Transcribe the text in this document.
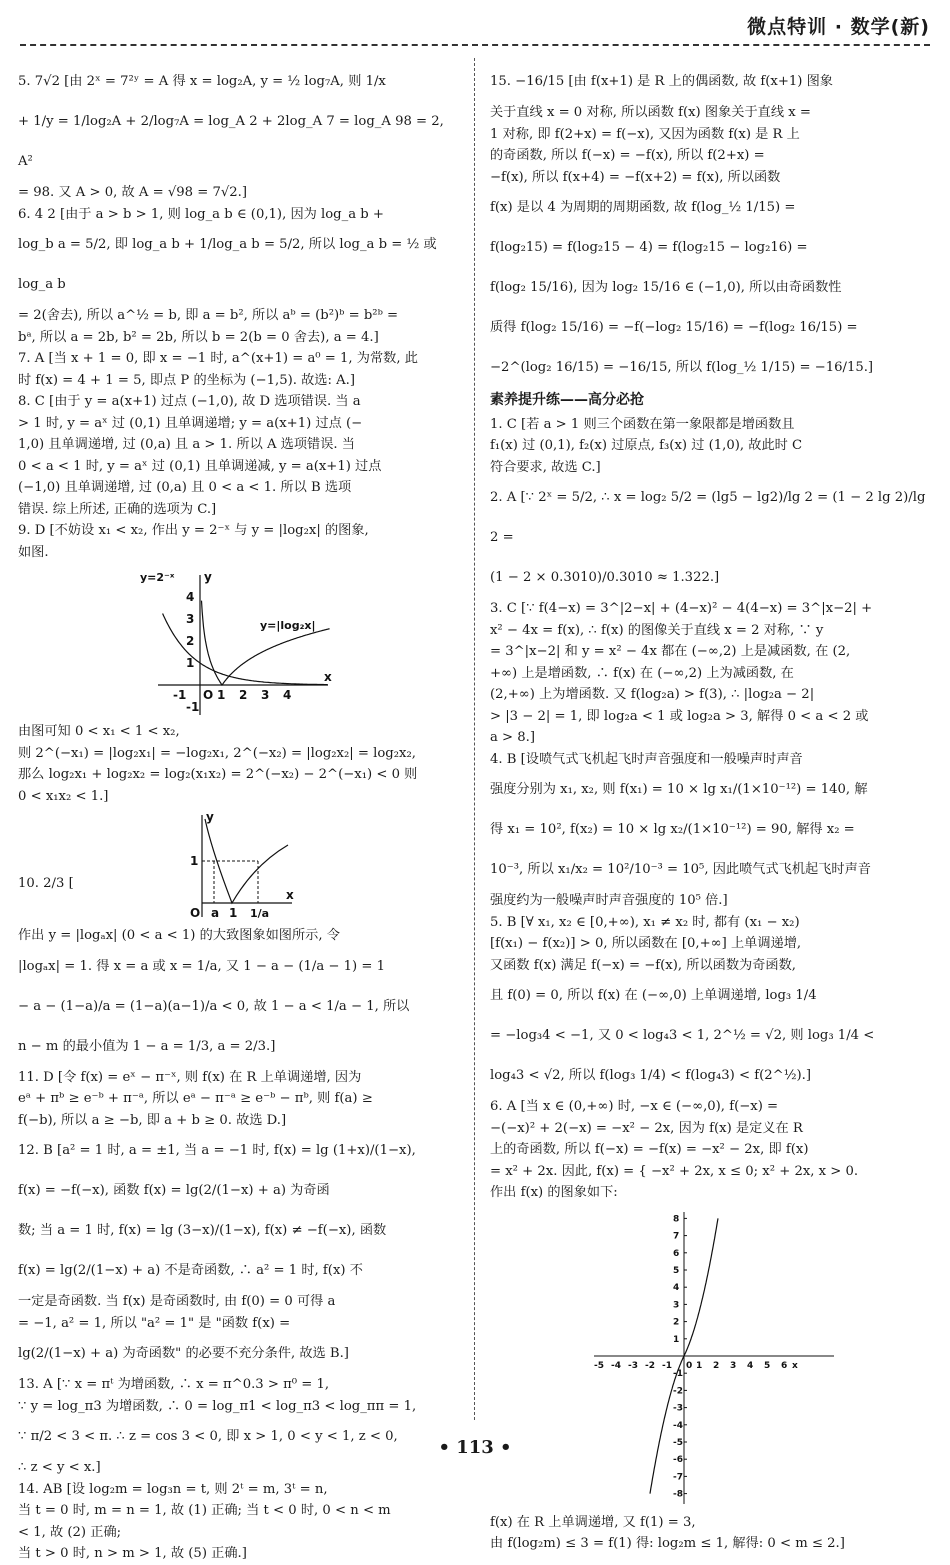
微点特训 · 数学(新)
5. 7√2 [由 2ˣ = 7²ʸ = A 得 x = log₂A, y = ½ log₇A, 则 1/x
+ 1/y = 1/log₂A + 2/log₇A = log_A 2 + 2log_A 7 = log_A 98 = 2, A²
= 98. 又 A > 0, 故 A = √98 = 7√2.]
6. 4 2 [由于 a > b > 1, 则 log_a b ∈ (0,1), 因为 log_a b +
log_b a = 5/2, 即 log_a b + 1/log_a b = 5/2, 所以 log_a b = ½ 或 log_a b
= 2(舍去), 所以 a^½ = b, 即 a = b², 所以 aᵇ = (b²)ᵇ = b²ᵇ =
bᵃ, 所以 a = 2b, b² = 2b, 所以 b = 2(b = 0 舍去), a = 4.]
7. A [当 x + 1 = 0, 即 x = −1 时, a^(x+1) = a⁰ = 1, 为常数, 此
时 f(x) = 4 + 1 = 5, 即点 P 的坐标为 (−1,5). 故选: A.]
8. C [由于 y = a(x+1) 过点 (−1,0), 故 D 选项错误. 当 a
> 1 时, y = aˣ 过 (0,1) 且单调递增; y = a(x+1) 过点 (−
1,0) 且单调递增, 过 (0,a) 且 a > 1. 所以 A 选项错误. 当
0 < a < 1 时, y = aˣ 过 (0,1) 且单调递减, y = a(x+1) 过点
(−1,0) 且单调递增, 过 (0,a) 且 0 < a < 1. 所以 B 选项
错误. 综上所述, 正确的选项为 C.]
9. D [不妨设 x₁ < x₂, 作出 y = 2⁻ˣ 与 y = |log₂x| 的图象,
如图.
x
y
O
-1	1 2 3 4
4
3
2
1
-1
y=2⁻ˣ
y=|log₂x|
由图可知 0 < x₁ < 1 < x₂,
则 2^(−x₁) = |log₂x₁| = −log₂x₁, 2^(−x₂) = |log₂x₂| = log₂x₂,
那么 log₂x₁ + log₂x₂ = log₂(x₁x₂) = 2^(−x₂) − 2^(−x₁) < 0 则
0 < x₁x₂ < 1.]
10. 2/3 [
1
O a 1 1/a
x
y
作出 y = |logₐx| (0 < a < 1) 的大致图象如图所示, 令
|logₐx| = 1. 得 x = a 或 x = 1/a, 又 1 − a − (1/a − 1) = 1
− a − (1−a)/a = (1−a)(a−1)/a < 0, 故 1 − a < 1/a − 1, 所以
n − m 的最小值为 1 − a = 1/3, a = 2/3.]
11. D [令 f(x) = eˣ − π⁻ˣ, 则 f(x) 在 R 上单调递增, 因为
eᵃ + πᵇ ≥ e⁻ᵇ + π⁻ᵃ, 所以 eᵃ − π⁻ᵃ ≥ e⁻ᵇ − πᵇ, 则 f(a) ≥
f(−b), 所以 a ≥ −b, 即 a + b ≥ 0. 故选 D.]
12. B [a² = 1 时, a = ±1, 当 a = −1 时, f(x) = lg (1+x)/(1−x),
f(x) = −f(−x), 函数 f(x) = lg(2/(1−x) + a) 为奇函
数; 当 a = 1 时, f(x) = lg (3−x)/(1−x), f(x) ≠ −f(−x), 函数
f(x) = lg(2/(1−x) + a) 不是奇函数, ∴ a² = 1 时, f(x) 不
一定是奇函数. 当 f(x) 是奇函数时, 由 f(0) = 0 可得 a
= −1, a² = 1, 所以 "a² = 1" 是 "函数 f(x) =
lg(2/(1−x) + a) 为奇函数" 的必要不充分条件, 故选 B.]
13. A [∵ x = πᵗ 为增函数, ∴ x = π^0.3 > π⁰ = 1,
∵ y = log_π3 为增函数, ∴ 0 = log_π1 < log_π3 < log_ππ = 1,
∵ π/2 < 3 < π. ∴ z = cos 3 < 0, 即 x > 1, 0 < y < 1, z < 0,
∴ z < y < x.]
14. AB [设 log₂m = log₃n = t, 则 2ᵗ = m, 3ᵗ = n,
当 t = 0 时, m = n = 1, 故 (1) 正确; 当 t < 0 时, 0 < n < m
< 1, 故 (2) 正确;
当 t > 0 时, n > m > 1, 故 (5) 正确.]
15. −16/15 [由 f(x+1) 是 R 上的偶函数, 故 f(x+1) 图象
关于直线 x = 0 对称, 所以函数 f(x) 图象关于直线 x =
1 对称, 即 f(2+x) = f(−x), 又因为函数 f(x) 是 R 上
的奇函数, 所以 f(−x) = −f(x), 所以 f(2+x) =
−f(x), 所以 f(x+4) = −f(x+2) = f(x), 所以函数
f(x) 是以 4 为周期的周期函数, 故 f(log_½ 1/15) =
f(log₂15) = f(log₂15 − 4) = f(log₂15 − log₂16) =
f(log₂ 15/16), 因为 log₂ 15/16 ∈ (−1,0), 所以由奇函数性
质得 f(log₂ 15/16) = −f(−log₂ 15/16) = −f(log₂ 16/15) =
−2^(log₂ 16/15) = −16/15, 所以 f(log_½ 1/15) = −16/15.]
素养提升练——高分必抢
1. C [若 a > 1 则三个函数在第一象限都是增函数且
f₁(x) 过 (0,1), f₂(x) 过原点, f₃(x) 过 (1,0), 故此时 C
符合要求, 故选 C.]
2. A [∵ 2ˣ = 5/2, ∴ x = log₂ 5/2 = (lg5 − lg2)/lg 2 = (1 − 2 lg 2)/lg 2 =
(1 − 2 × 0.3010)/0.3010 ≈ 1.322.]
3. C [∵ f(4−x) = 3^|2−x| + (4−x)² − 4(4−x) = 3^|x−2| +
x² − 4x = f(x), ∴ f(x) 的图像关于直线 x = 2 对称, ∵ y
= 3^|x−2| 和 y = x² − 4x 都在 (−∞,2) 上是减函数, 在 (2,
+∞) 上是增函数, ∴ f(x) 在 (−∞,2) 上为减函数, 在
(2,+∞) 上为增函数. 又 f(log₂a) > f(3), ∴ |log₂a − 2|
> |3 − 2| = 1, 即 log₂a < 1 或 log₂a > 3, 解得 0 < a < 2 或
a > 8.]
4. B [设喷气式飞机起飞时声音强度和一般噪声时声音
强度分别为 x₁, x₂, 则 f(x₁) = 10 × lg x₁/(1×10⁻¹²) = 140, 解
得 x₁ = 10², f(x₂) = 10 × lg x₂/(1×10⁻¹²) = 90, 解得 x₂ =
10⁻³, 所以 x₁/x₂ = 10²/10⁻³ = 10⁵, 因此喷气式飞机起飞时声音
强度约为一般噪声时声音强度的 10⁵ 倍.]
5. B [∀ x₁, x₂ ∈ [0,+∞), x₁ ≠ x₂ 时, 都有 (x₁ − x₂)
[f(x₁) − f(x₂)] > 0, 所以函数在 [0,+∞] 上单调递增,
又函数 f(x) 满足 f(−x) = −f(x), 所以函数为奇函数,
且 f(0) = 0, 所以 f(x) 在 (−∞,0) 上单调递增, log₃ 1/4
= −log₃4 < −1, 又 0 < log₄3 < 1, 2^½ = √2, 则 log₃ 1/4 <
log₄3 < √2, 所以 f(log₃ 1/4) < f(log₄3) < f(2^½).]
6. A [当 x ∈ (0,+∞) 时, −x ∈ (−∞,0), f(−x) =
−(−x)² + 2(−x) = −x² − 2x, 因为 f(x) 是定义在 R
上的奇函数, 所以 f(−x) = −f(x) = −x² − 2x, 即 f(x)
= x² + 2x. 因此, f(x) = { −x² + 2x, x ≤ 0; x² + 2x, x > 0.
作出 f(x) 的图象如下:
-5 -4 -3 -2 -1	1 2 3 4 5 6 x
8
7
6
5
4
3
2
1
-1
-2
-3
-4
-5
-6
-7
-8
0
f(x) 在 R 上单调递增, 又 f(1) = 3,
由 f(log₂m) ≤ 3 = f(1) 得: log₂m ≤ 1, 解得: 0 < m ≤ 2.]
• 113 •
